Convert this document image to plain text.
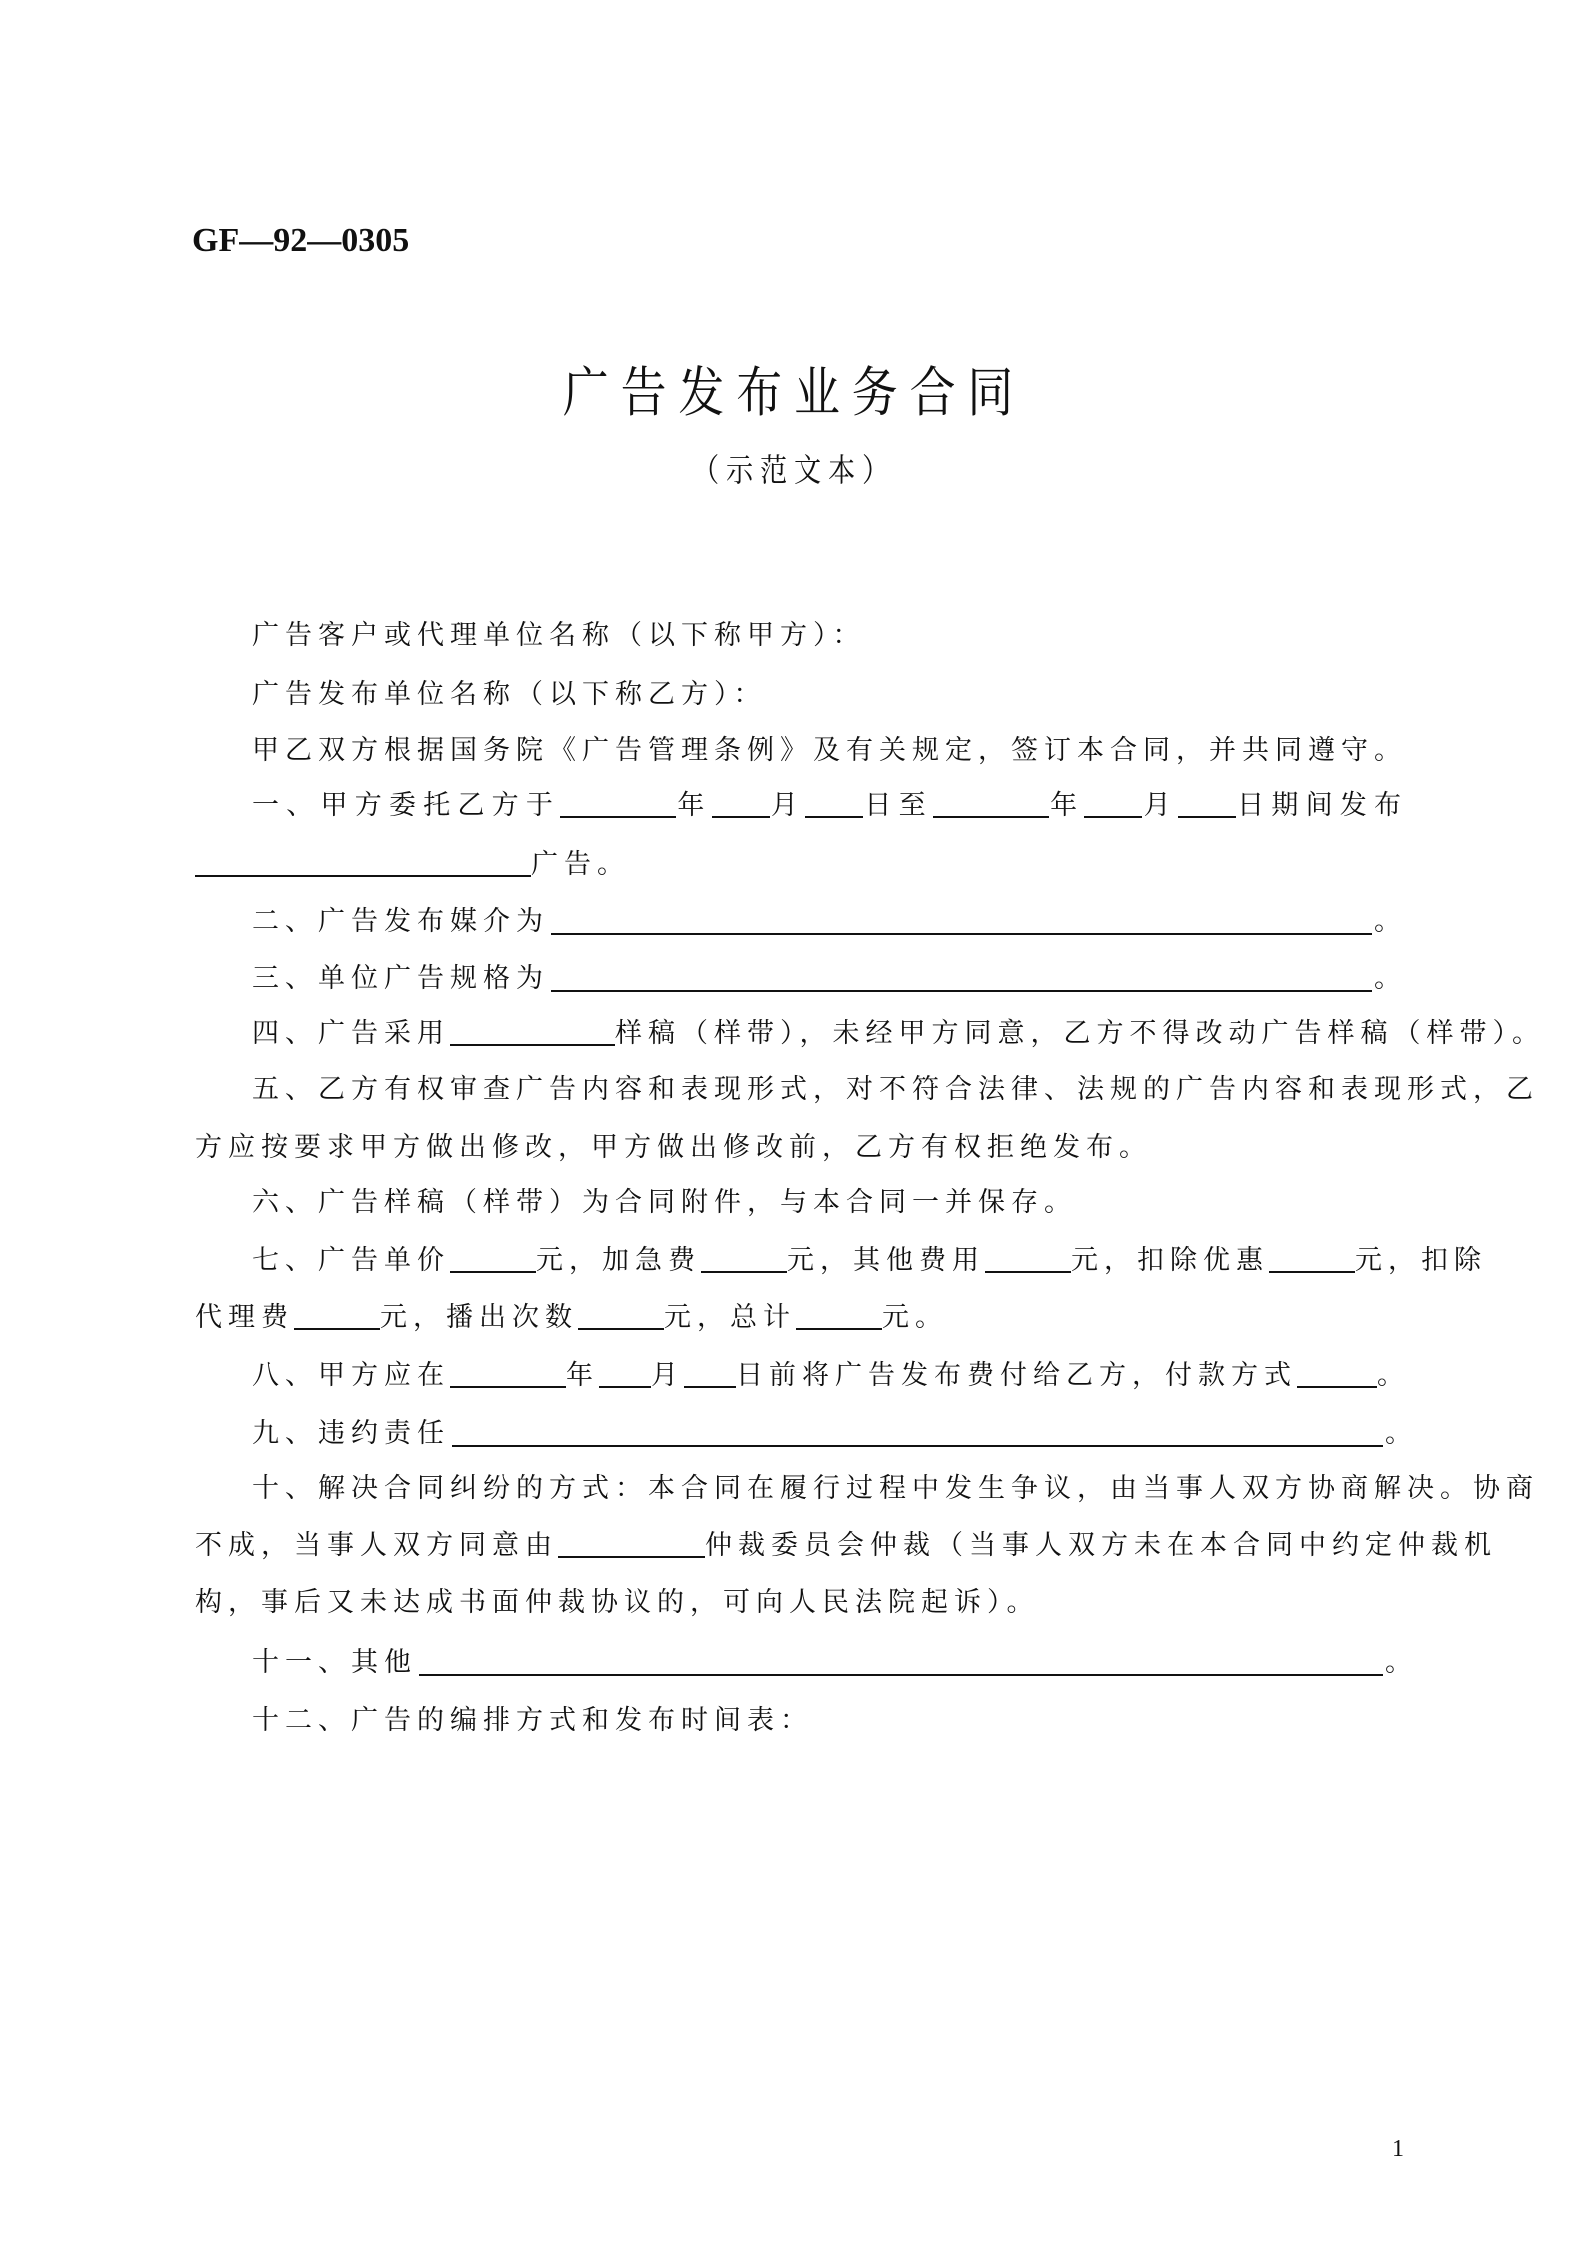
GF—92—0305
广告发布业务合同
（示范文本）
广告客户或代理单位名称（以下称甲方）：
广告发布单位名称（以下称乙方）：
甲乙双方根据国务院《广告管理条例》及有关规定，签订本合同，并共同遵守。
一、甲方委托乙方于	年 月 日至	年 月 日期间发布
广告。
二、广告发布媒介为	。
三、单位广告规格为	。
四、广告采用	样稿（样带），未经甲方同意，乙方不得改动广告样稿（样带）。
五、乙方有权审查广告内容和表现形式，对不符合法律、法规的广告内容和表现形式，乙
方应按要求甲方做出修改，甲方做出修改前，乙方有权拒绝发布。
六、广告样稿（样带）为合同附件，与本合同一并保存。
七、广告单价	元，加急费	元，其他费用	元，扣除优惠	元，扣除
代理费	元，播出次数	元，总计	元。
八、甲方应在	年 月 日前将广告发布费付给乙方，付款方式	。
九、违约责任	。
十、解决合同纠纷的方式：本合同在履行过程中发生争议，由当事人双方协商解决。协商
不成，当事人双方同意由	仲裁委员会仲裁（当事人双方未在本合同中约定仲裁机
构，事后又未达成书面仲裁协议的，可向人民法院起诉）。
十一、其他	。
十二、广告的编排方式和发布时间表：
1
